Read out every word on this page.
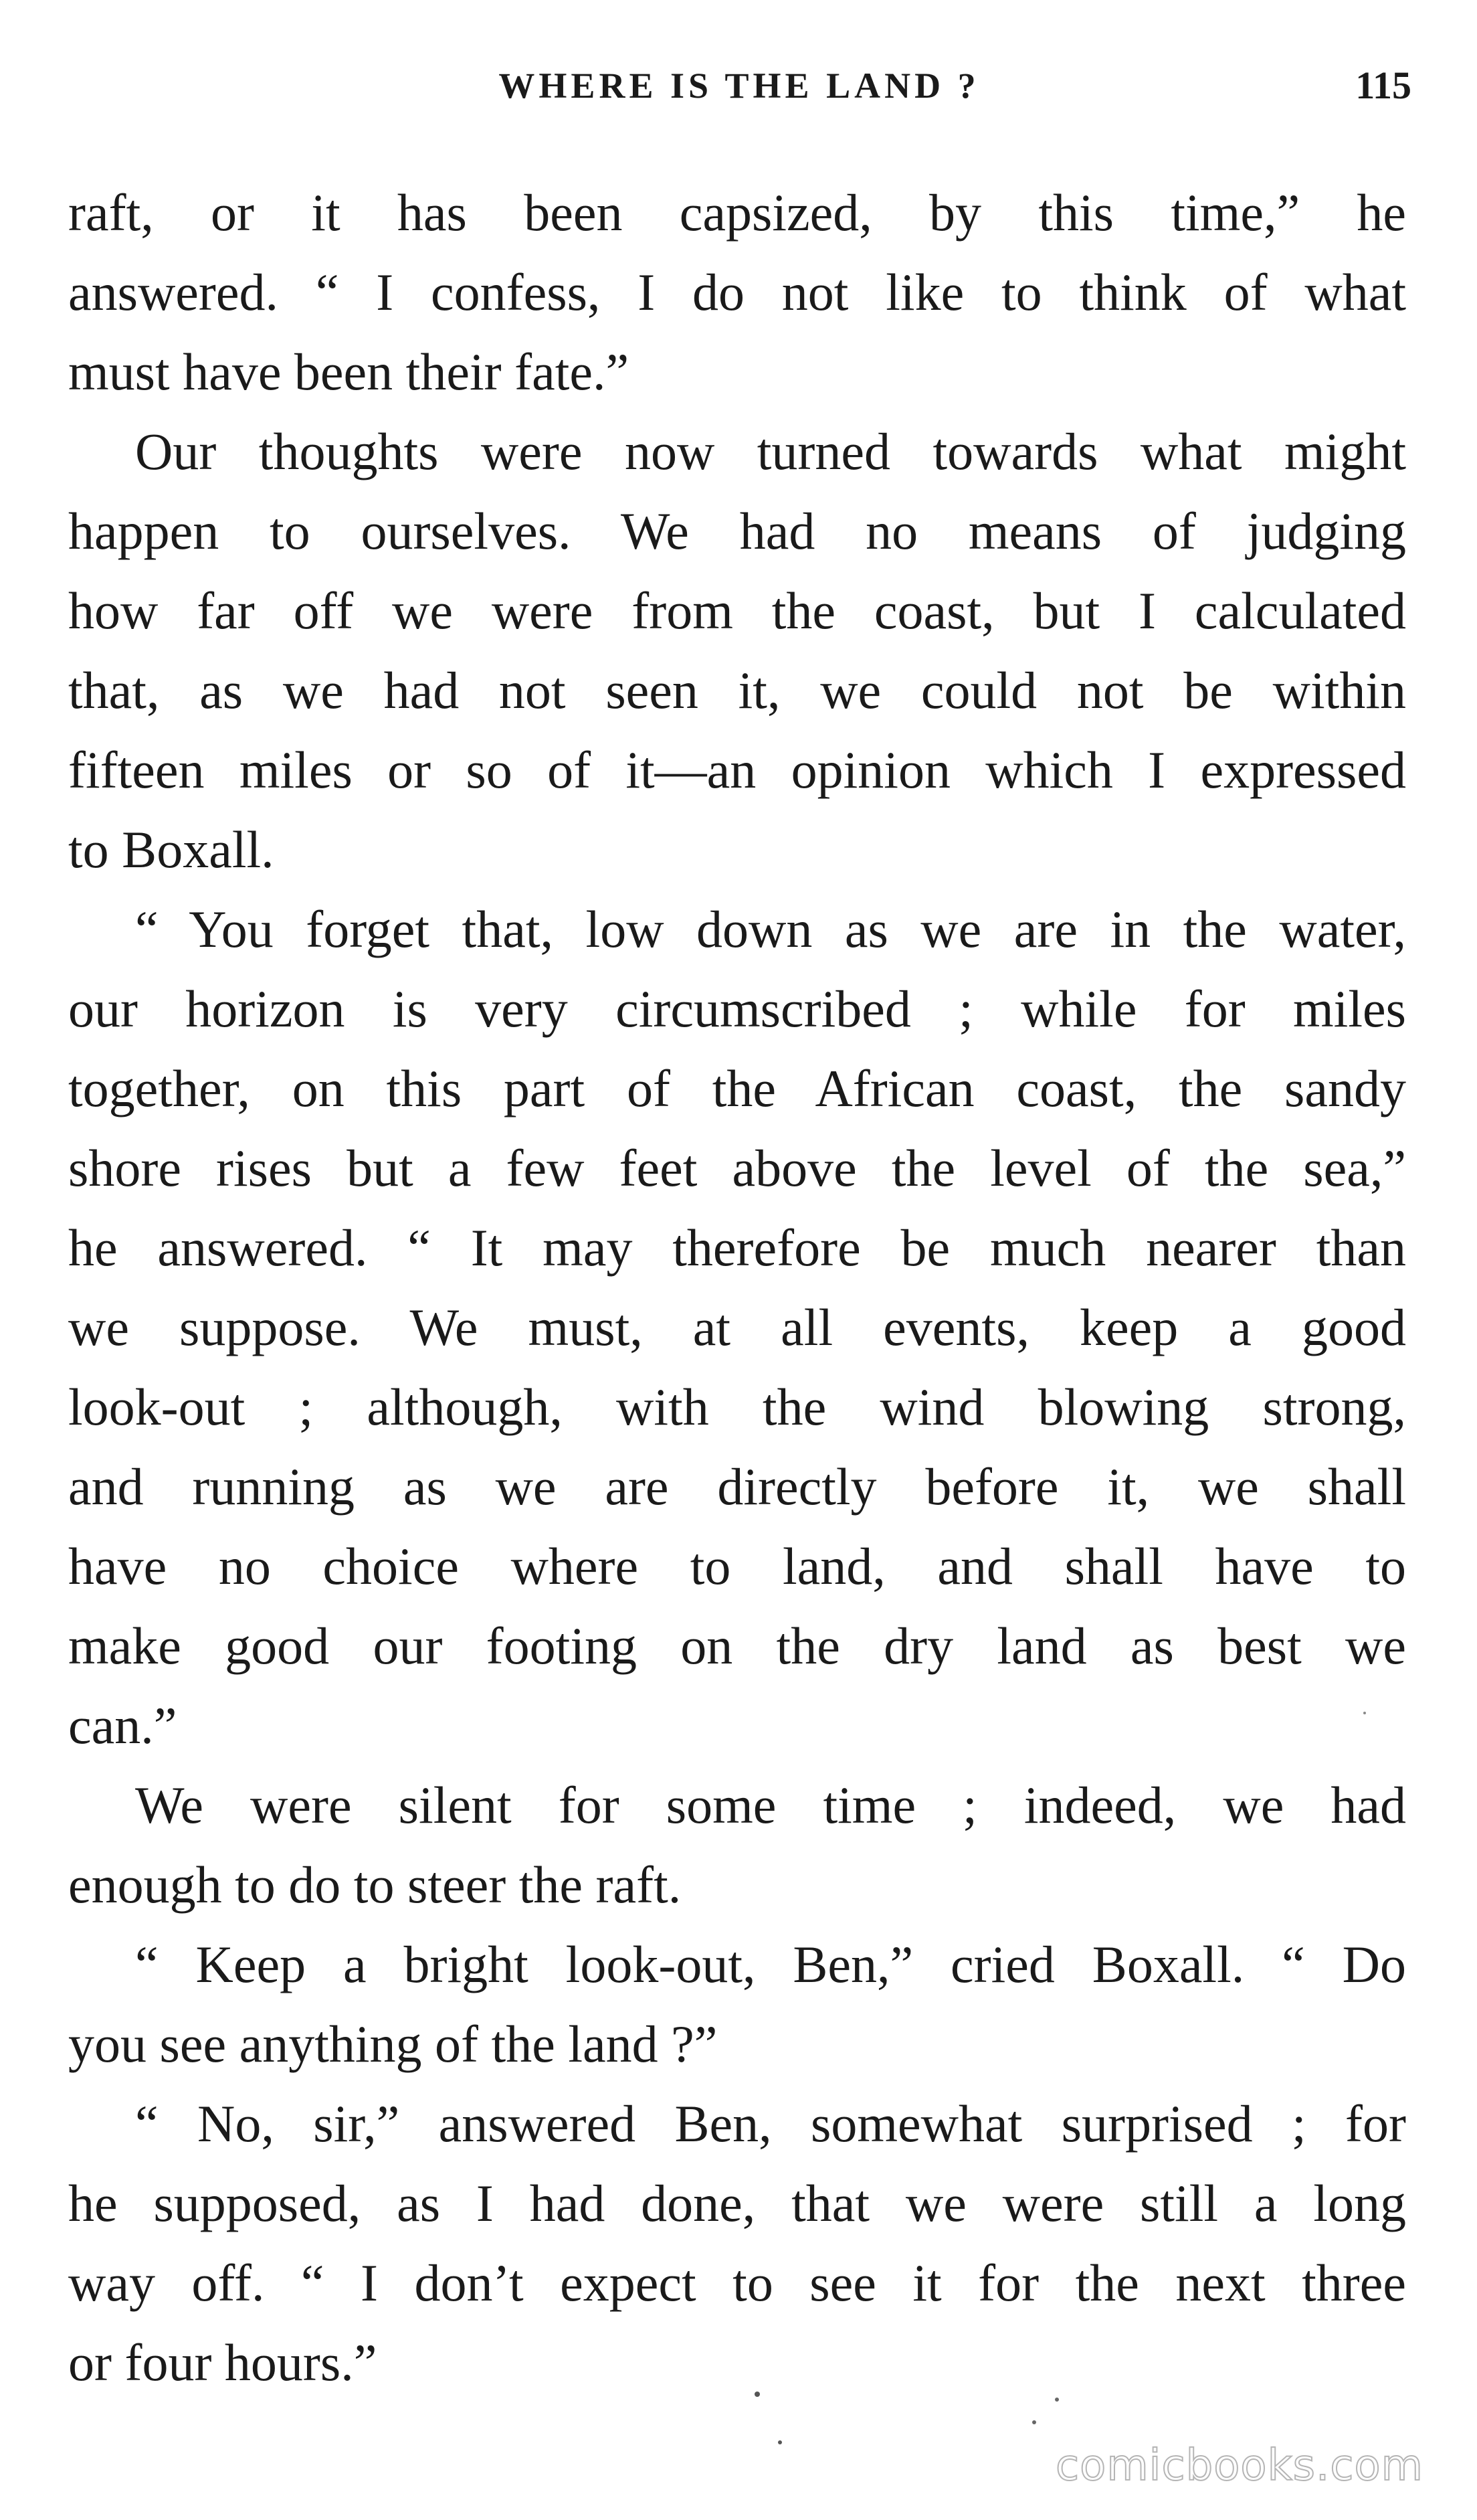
WHERE IS THE LAND ?	115
raft, or it has been capsized, by this time,” he
answered. “ I confess, I do not like to think of what
must have been their fate.”
Our thoughts were now turned towards what might
happen to ourselves. We had no means of judging
how far off we were from the coast, but I calculated
that, as we had not seen it, we could not be within
fifteen miles or so of it—an opinion which I expressed
to Boxall.
“ You forget that, low down as we are in the water,
our horizon is very circumscribed ; while for miles
together, on this part of the African coast, the sandy
shore rises but a few feet above the level of the sea,”
he answered. “ It may therefore be much nearer than
we suppose. We must, at all events, keep a good
look-out ; although, with the wind blowing strong,
and running as we are directly before it, we shall
have no choice where to land, and shall have to
make good our footing on the dry land as best we
can.”
We were silent for some time ; indeed, we had
enough to do to steer the raft.
“ Keep a bright look-out, Ben,” cried Boxall. “ Do
you see anything of the land ?”
“ No, sir,” answered Ben, somewhat surprised ; for
he supposed, as I had done, that we were still a long
way off. “ I don’t expect to see it for the next three
or four hours.”
comicbooks.com
